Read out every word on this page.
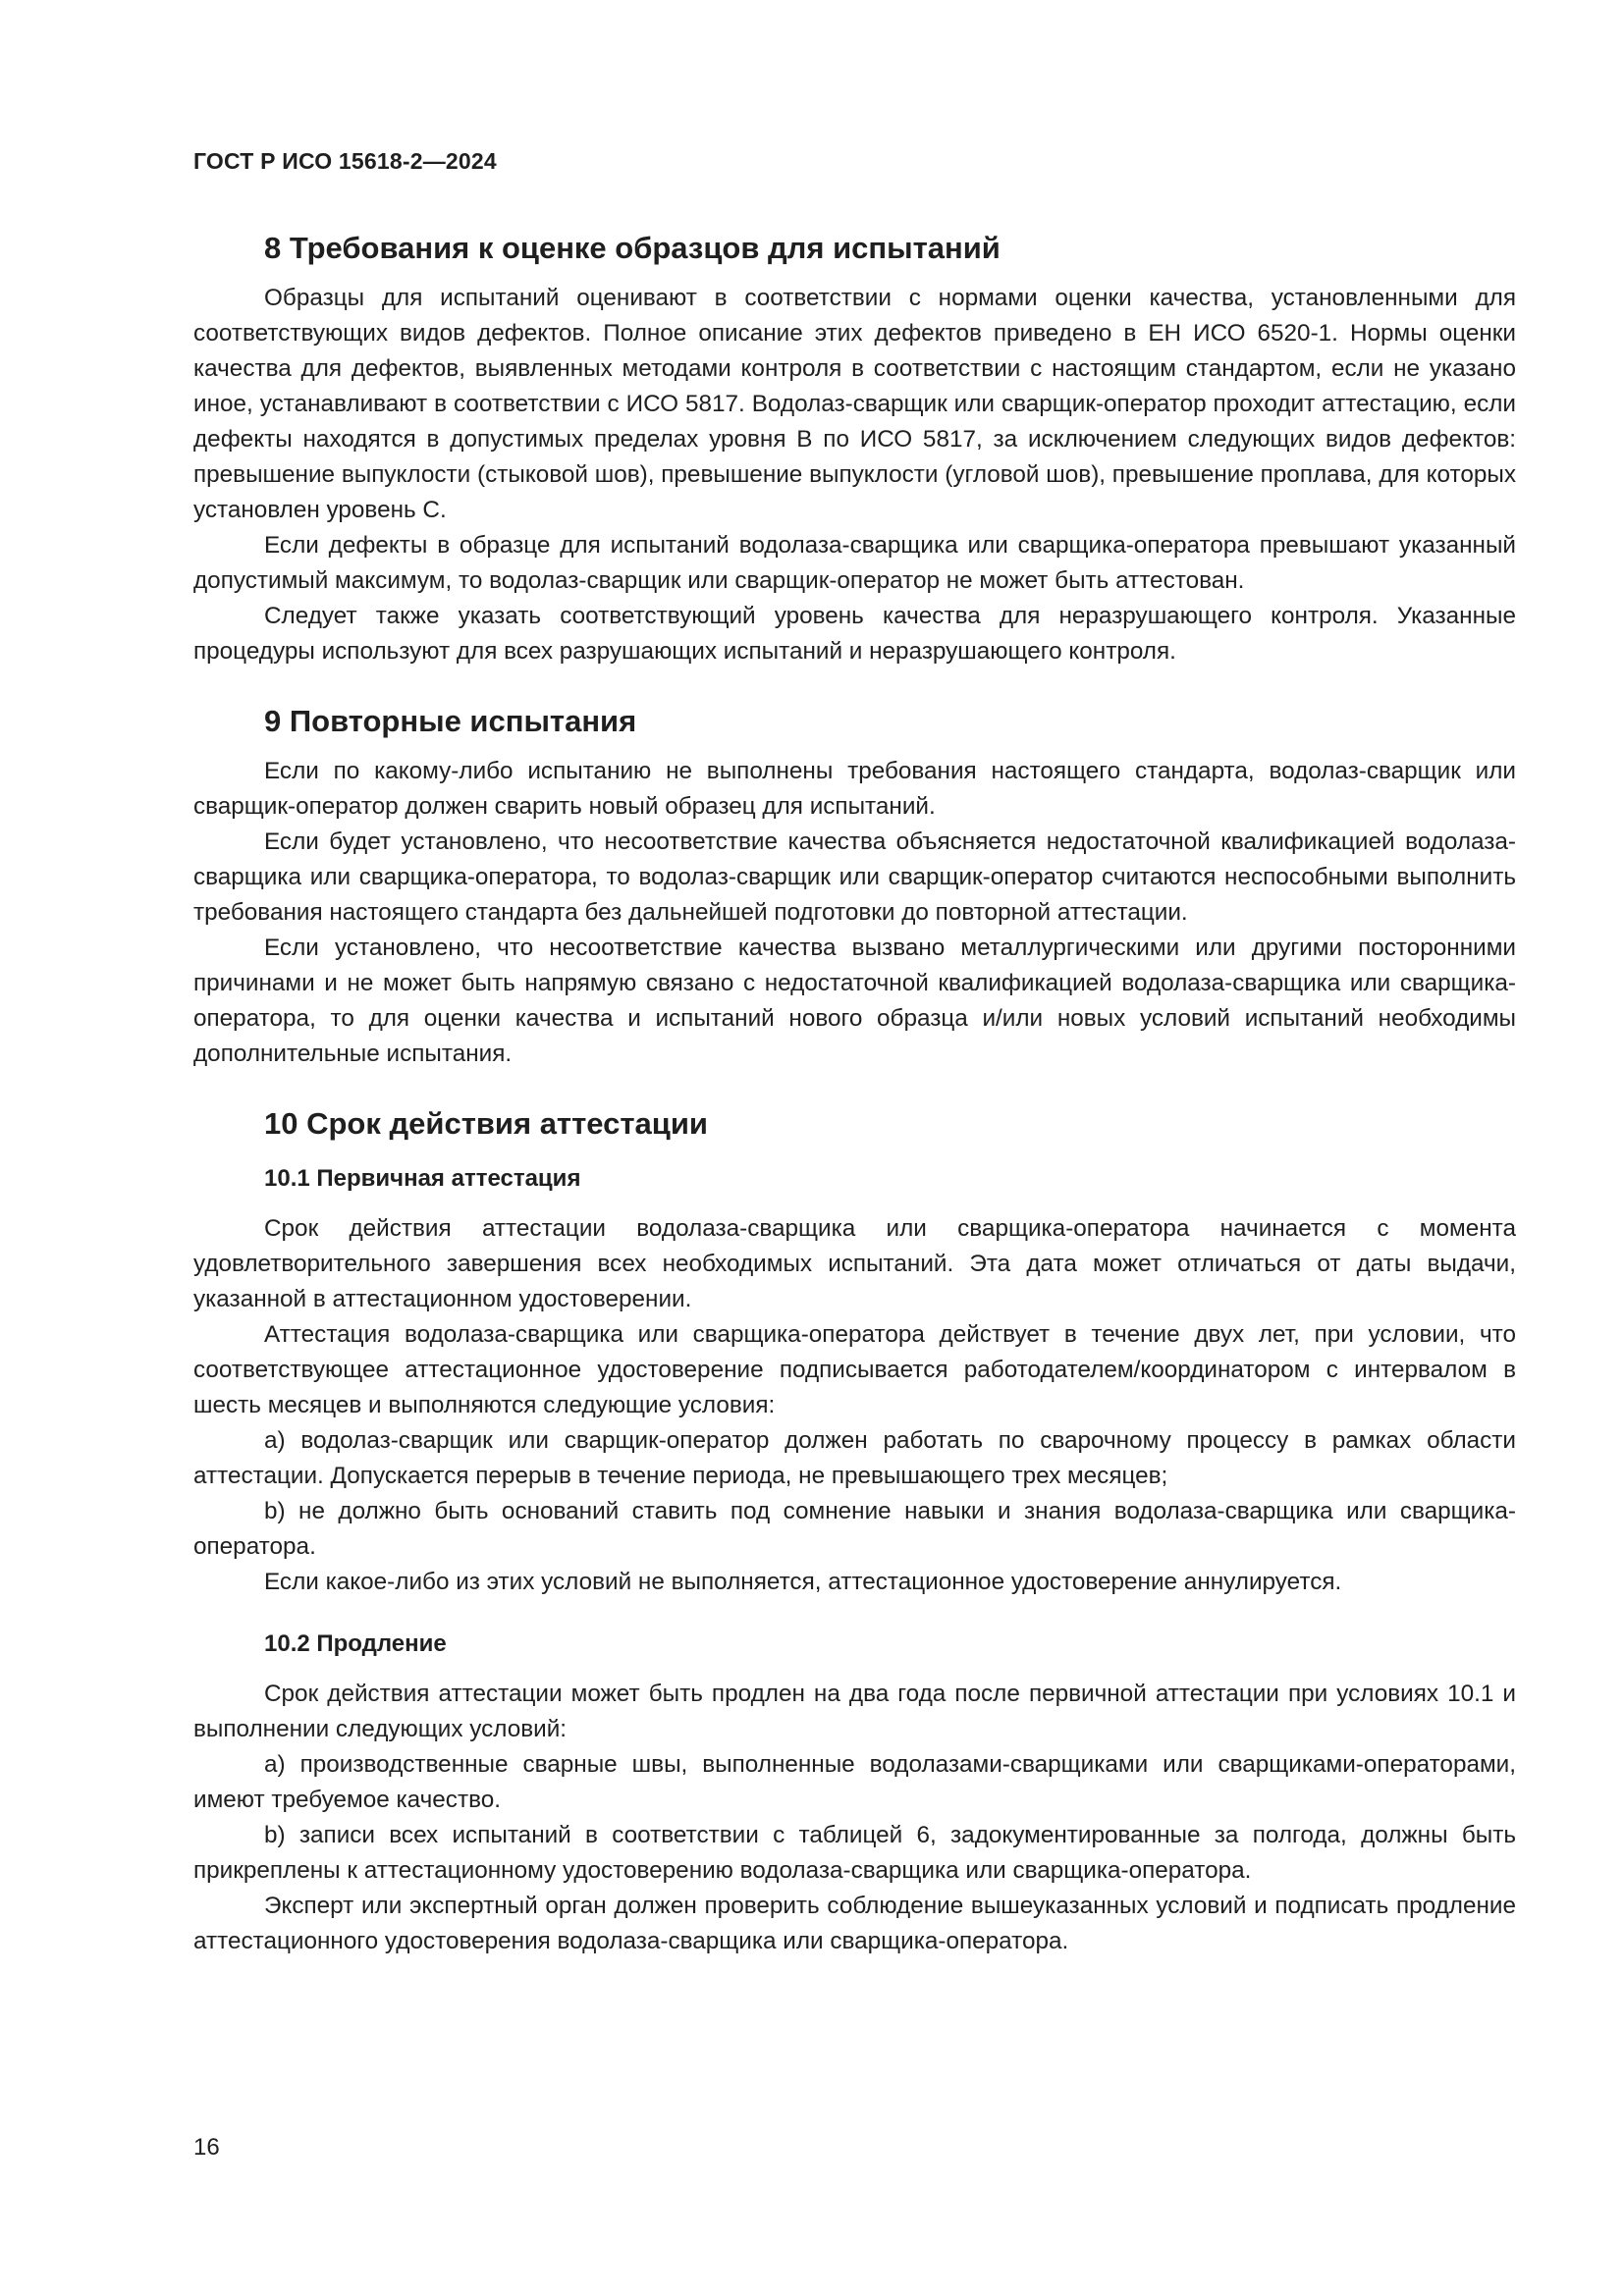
ГОСТ Р ИСО 15618-2—2024
8 Требования к оценке образцов для испытаний

Образцы для испытаний оценивают в соответствии с нормами оценки качества, установленными для соответствующих видов дефектов. Полное описание этих дефектов приведено в ЕН ИСО 6520-1. Нормы оценки качества для дефектов, выявленных методами контроля в соответствии с настоящим стандартом, если не указано иное, устанавливают в соответствии с ИСО 5817. Водолаз-сварщик или сварщик-оператор проходит аттестацию, если дефекты находятся в допустимых пределах уровня В по ИСО 5817, за исключением следующих видов дефектов: превышение выпуклости (стыковой шов), превышение выпуклости (угловой шов), превышение проплава, для которых установлен уровень С.

Если дефекты в образце для испытаний водолаза-сварщика или сварщика-оператора превышают указанный допустимый максимум, то водолаз-сварщик или сварщик-оператор не может быть аттестован.

Следует также указать соответствующий уровень качества для неразрушающего контроля. Указанные процедуры используют для всех разрушающих испытаний и неразрушающего контроля.

9 Повторные испытания

Если по какому-либо испытанию не выполнены требования настоящего стандарта, водолаз-сварщик или сварщик-оператор должен сварить новый образец для испытаний.

Если будет установлено, что несоответствие качества объясняется недостаточной квалификацией водолаза-сварщика или сварщика-оператора, то водолаз-сварщик или сварщик-оператор считаются неспособными выполнить требования настоящего стандарта без дальнейшей подготовки до повторной аттестации.

Если установлено, что несоответствие качества вызвано металлургическими или другими посторонними причинами и не может быть напрямую связано с недостаточной квалификацией водолаза-сварщика или сварщика-оператора, то для оценки качества и испытаний нового образца и/или новых условий испытаний необходимы дополнительные испытания.

10 Срок действия аттестации
10.1 Первичная аттестация

Срок действия аттестации водолаза-сварщика или сварщика-оператора начинается с момента удовлетворительного завершения всех необходимых испытаний. Эта дата может отличаться от даты выдачи, указанной в аттестационном удостоверении.

Аттестация водолаза-сварщика или сварщика-оператора действует в течение двух лет, при условии, что соответствующее аттестационное удостоверение подписывается работодателем/координатором с интервалом в шесть месяцев и выполняются следующие условия:

a) водолаз-сварщик или сварщик-оператор должен работать по сварочному процессу в рамках области аттестации. Допускается перерыв в течение периода, не превышающего трех месяцев;

b) не должно быть оснований ставить под сомнение навыки и знания водолаза-сварщика или сварщика-оператора.

Если какое-либо из этих условий не выполняется, аттестационное удостоверение аннулируется.

10.2 Продление

Срок действия аттестации может быть продлен на два года после первичной аттестации при условиях 10.1 и выполнении следующих условий:

a) производственные сварные швы, выполненные водолазами-сварщиками или сварщиками-операторами, имеют требуемое качество.

b) записи всех испытаний в соответствии с таблицей 6, задокументированные за полгода, должны быть прикреплены к аттестационному удостоверению водолаза-сварщика или сварщика-оператора.

Эксперт или экспертный орган должен проверить соблюдение вышеуказанных условий и подписать продление аттестационного удостоверения водолаза-сварщика или сварщика-оператора.

16
